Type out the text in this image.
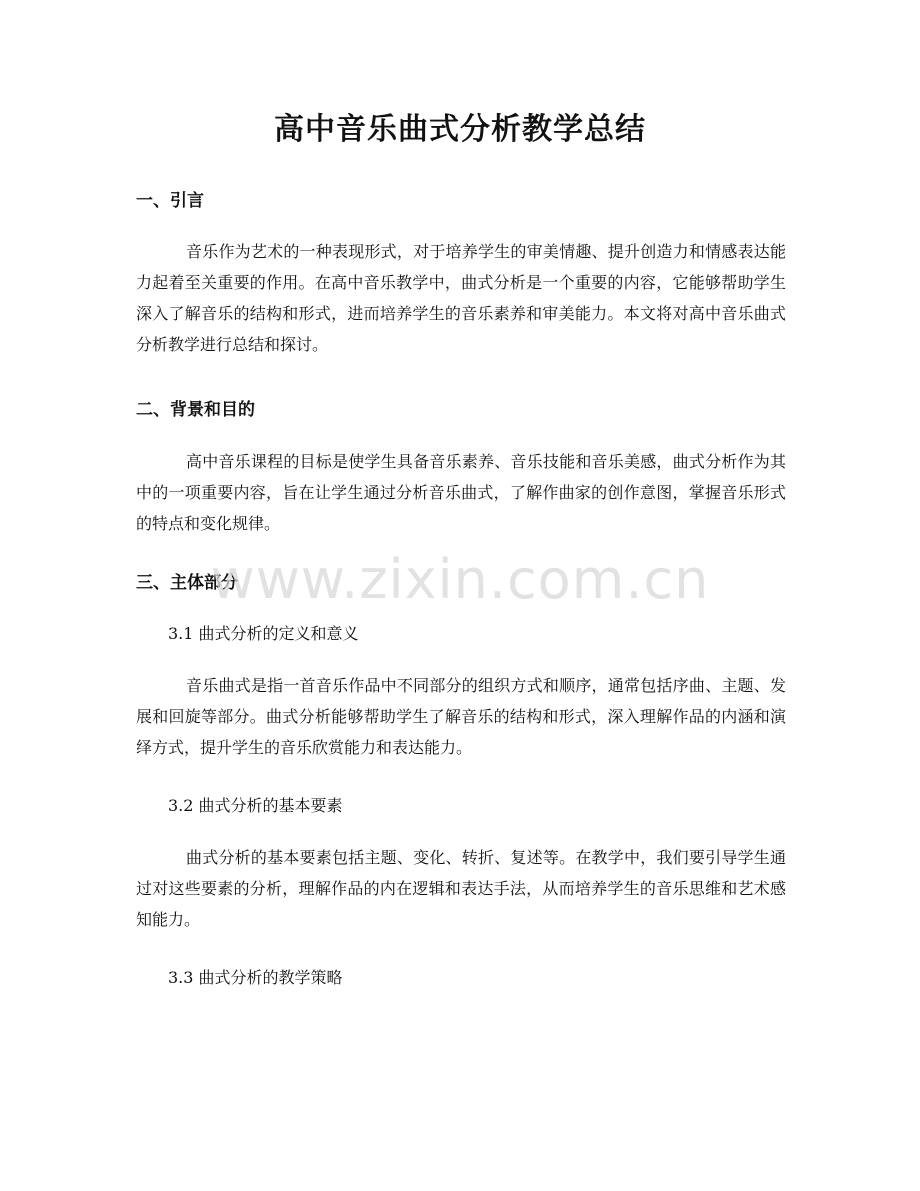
高中音乐曲式分析教学总结
一、引言
音乐作为艺术的一种表现形式，对于培养学生的审美情趣、提升创造力和情感表达能力起着至关重要的作用。在高中音乐教学中，曲式分析是一个重要的内容，它能够帮助学生深入了解音乐的结构和形式，进而培养学生的音乐素养和审美能力。本文将对高中音乐曲式分析教学进行总结和探讨。
二、背景和目的
高中音乐课程的目标是使学生具备音乐素养、音乐技能和音乐美感，曲式分析作为其中的一项重要内容，旨在让学生通过分析音乐曲式，了解作曲家的创作意图，掌握音乐形式的特点和变化规律。
三、主体部分
3.1 曲式分析的定义和意义
音乐曲式是指一首音乐作品中不同部分的组织方式和顺序，通常包括序曲、主题、发展和回旋等部分。曲式分析能够帮助学生了解音乐的结构和形式，深入理解作品的内涵和演绎方式，提升学生的音乐欣赏能力和表达能力。
3.2 曲式分析的基本要素
曲式分析的基本要素包括主题、变化、转折、复述等。在教学中，我们要引导学生通过对这些要素的分析，理解作品的内在逻辑和表达手法，从而培养学生的音乐思维和艺术感知能力。
3.3 曲式分析的教学策略
www.zixin.com.cn
